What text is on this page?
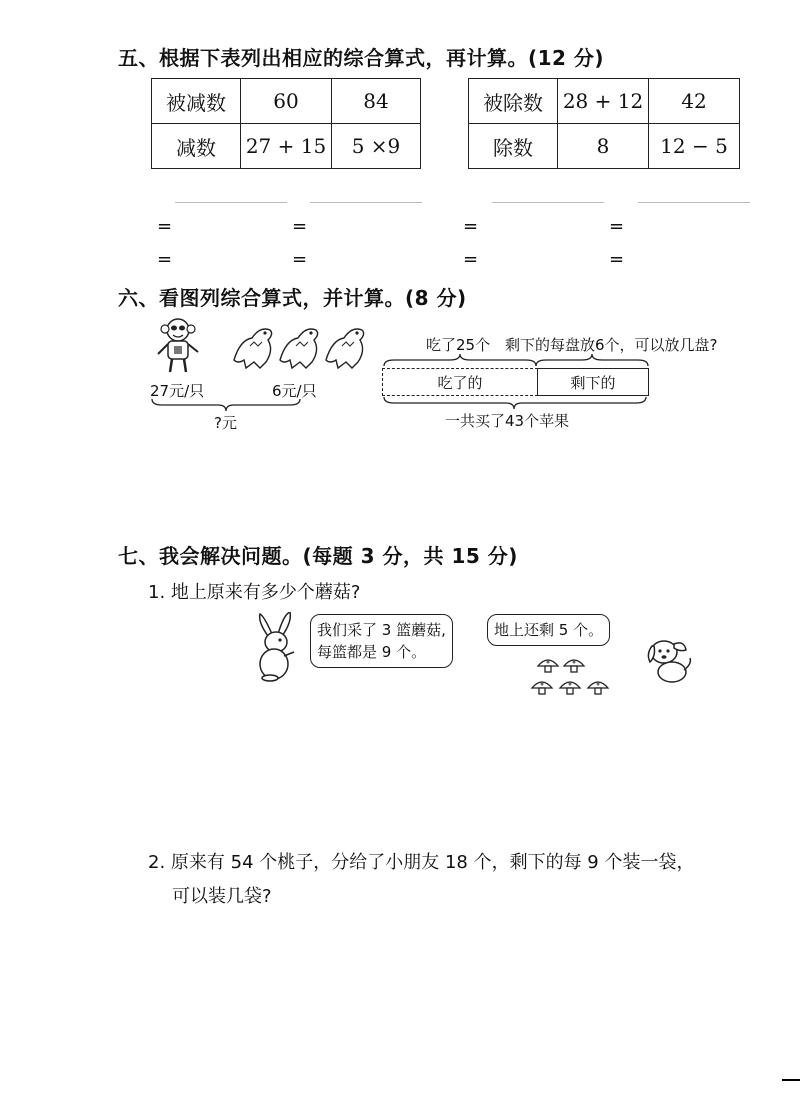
五、根据下表列出相应的综合算式，再计算。(12 分)
被减数	60	84
减数	27 + 15	5 ×9
被除数	28 + 12	42
除数	8	12 − 5
=	=	=	=
=	=	=	=
六、看图列综合算式，并计算。(8 分)
27元/只	6元/只
?元
吃了25个 剩下的每盘放6个，可以放几盘?
吃了的	剩下的
一共买了43个苹果
七、我会解决问题。(每题 3 分，共 15 分)
1. 地上原来有多少个蘑菇?
我们采了 3 篮蘑菇,
每篮都是 9 个。
地上还剩 5 个。
2. 原来有 54 个桃子，分给了小朋友 18 个，剩下的每 9 个装一袋，
可以装几袋?
